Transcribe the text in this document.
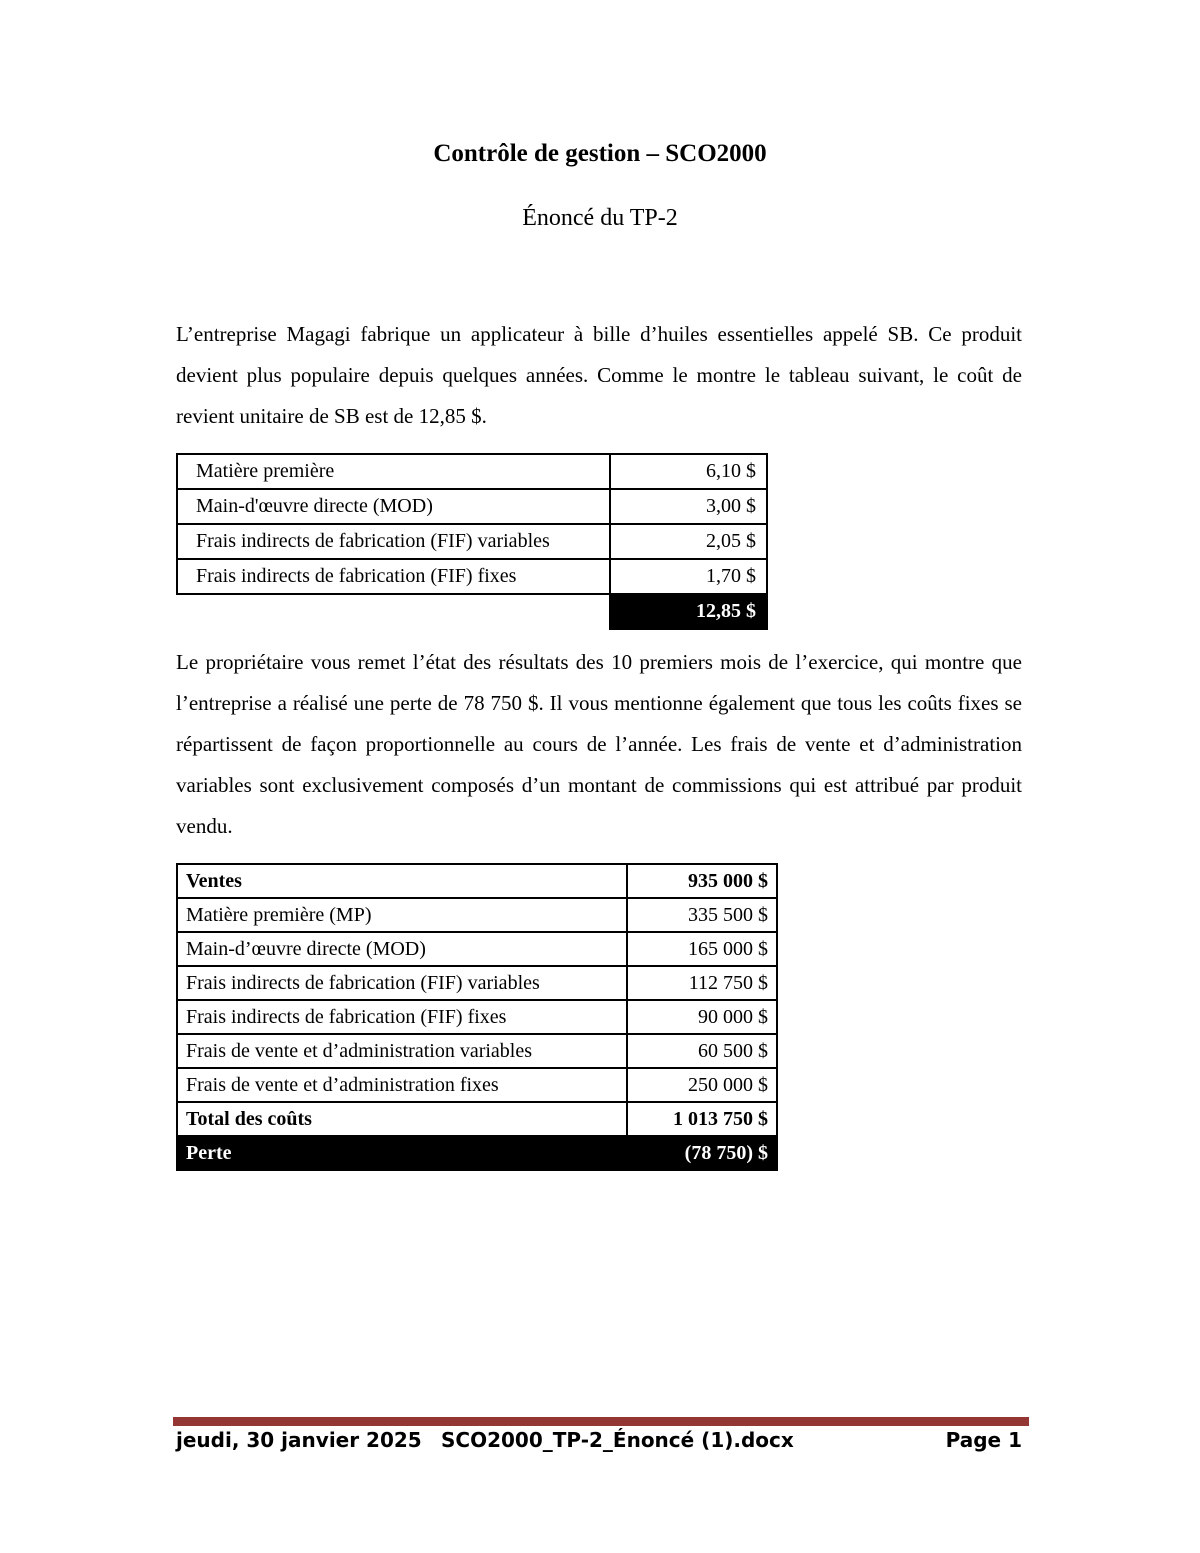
Contrôle de gestion – SCO2000
Énoncé du TP-2

L’entreprise Magagi fabrique un applicateur à bille d’huiles essentielles appelé SB. Ce produit devient plus populaire depuis quelques années. Comme le montre le tableau suivant, le coût de revient unitaire de SB est de 12,85 $.

Matière première	6,10 $
Main-d'œuvre directe (MOD)	3,00 $
Frais indirects de fabrication (FIF) variables	2,05 $
Frais indirects de fabrication (FIF) fixes	1,70 $
	12,85 $

Le propriétaire vous remet l’état des résultats des 10 premiers mois de l’exercice, qui montre que l’entreprise a réalisé une perte de 78 750 $. Il vous mentionne également que tous les coûts fixes se répartissent de façon proportionnelle au cours de l’année. Les frais de vente et d’administration variables sont exclusivement composés d’un montant de commissions qui est attribué par produit vendu.

Ventes	935 000 $
Matière première (MP)	335 500 $
Main-d’œuvre directe (MOD)	165 000 $
Frais indirects de fabrication (FIF) variables	112 750 $
Frais indirects de fabrication (FIF) fixes	90 000 $
Frais de vente et d’administration variables	60 500 $
Frais de vente et d’administration fixes	250 000 $
Total des coûts	1 013 750 $
Perte	(78 750) $
jeudi, 30 janvier 2025 SCO2000_TP-2_Énoncé (1).docx	Page 1
